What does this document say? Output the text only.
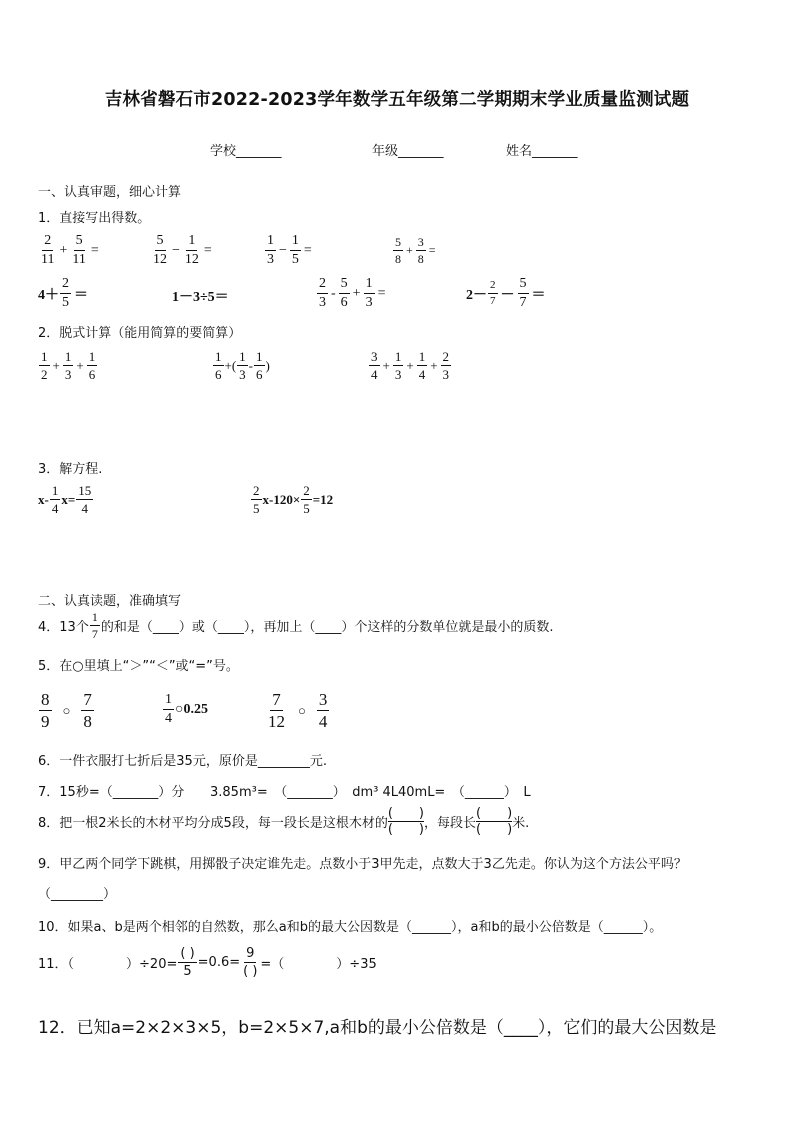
吉林省磐石市2022-2023学年数学五年级第二学期期末学业质量监测试题
学校_______	年级_______	姓名_______
一、认真审题，细心计算
1．直接写出得数。
$\frac{2}{11} + \frac{5}{11}$ =	$\frac{5}{12} - \frac{1}{12}$ =	$\frac{1}{3} - \frac{1}{5}$ =	$\frac{5}{8} + \frac{3}{8}$ =
$4+ \frac{2}{5}$ ＝	1－3÷5＝	$\frac{2}{3} - \frac{5}{6} + \frac{1}{3}$ =	$2- \frac{2}{7} - \frac{5}{7}$ ＝
2．脱式计算（能用简算的要简算）
$\frac{1}{2} + \frac{1}{3} + \frac{1}{6}$	$\frac{1}{6}$ +( $\frac{1}{3} - \frac{1}{6}$ )	$\frac{3}{4} + \frac{1}{3} + \frac{1}{4} + \frac{2}{3}$
3．解方程.
$x- \frac{1}{4} x= \frac{15}{4}$	$\frac{2}{5} x-120\times \frac{2}{5} =12$
二、认真读题，准确填写
4．13个 $\frac{1}{7}$ 的和是（____）或（____），再加上（____）个这样的分数单位就是最小的质数.
5．在○里填上“＞”“＜”或“=”号。
$\frac{8}{9}$ ○ $\frac{7}{8}$	$\frac{1}{4}$ ○0.25	$\frac{7}{12}$ ○ $\frac{3}{4}$
6．一件衣服打七折后是35元，原价是________元.
7．15秒=（_______）分 3.85m³=　（_______）　dm³ 4L40mL=　（______）　L
8．把一根2米长的木材平均分成5段，每一段长是这根木材的
(　　)
(　　) ，每段长
(　　)
(　　) 米.
9．甲乙两个同学下跳棋，用掷骰子决定谁先走。点数小于3甲先走，点数大于3乙先走。你认为这个方法公平吗？
（________）
10．如果a、b是两个相邻的自然数，那么a和b的最大公因数是（______），a和b的最小公倍数是（______）。
11．（　　　　）$\div 20= \frac{( )}{5} =0.6= \frac{9}{( )}$ =（　　　　）÷35
12．已知a=2×2×3×5，b=2×5×7,a和b的最小公倍数是（____），它们的最大公因数是
